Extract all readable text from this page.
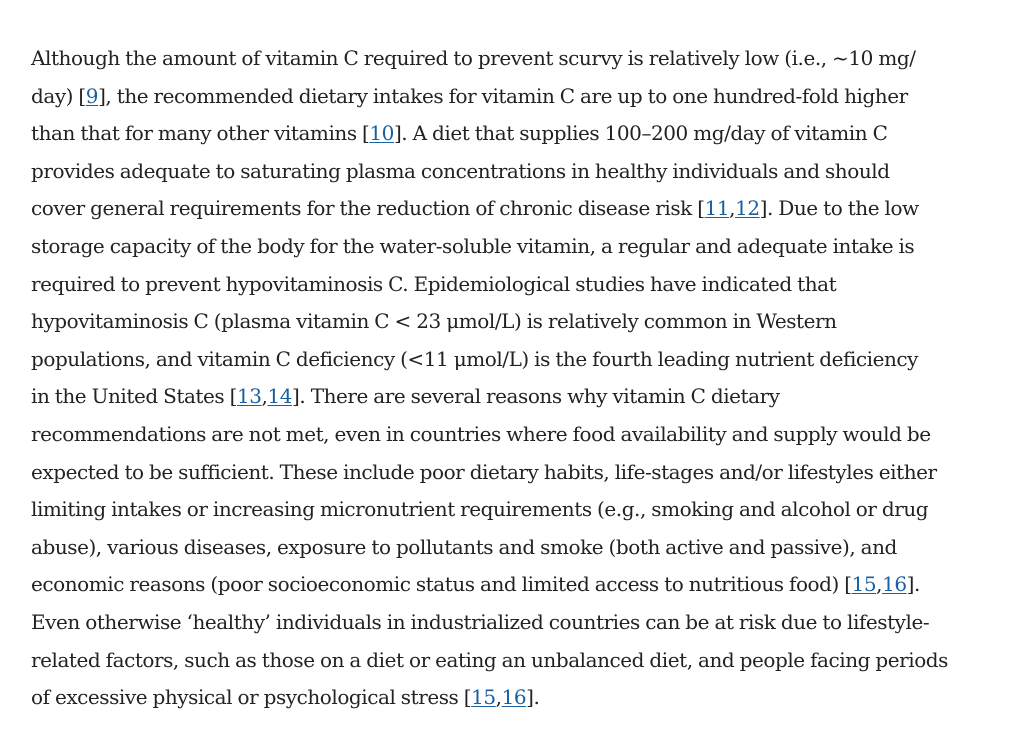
Although the amount of vitamin C required to prevent scurvy is relatively low (i.e., ~10 mg/
day) [9], the recommended dietary intakes for vitamin C are up to one hundred-fold higher
than that for many other vitamins [10]. A diet that supplies 100–200 mg/day of vitamin C
provides adequate to saturating plasma concentrations in healthy individuals and should
cover general requirements for the reduction of chronic disease risk [11,12]. Due to the low
storage capacity of the body for the water-soluble vitamin, a regular and adequate intake is
required to prevent hypovitaminosis C. Epidemiological studies have indicated that
hypovitaminosis C (plasma vitamin C < 23 μmol/L) is relatively common in Western
populations, and vitamin C deficiency (<11 μmol/L) is the fourth leading nutrient deficiency
in the United States [13,14]. There are several reasons why vitamin C dietary
recommendations are not met, even in countries where food availability and supply would be
expected to be sufficient. These include poor dietary habits, life-stages and/or lifestyles either
limiting intakes or increasing micronutrient requirements (e.g., smoking and alcohol or drug
abuse), various diseases, exposure to pollutants and smoke (both active and passive), and
economic reasons (poor socioeconomic status and limited access to nutritious food) [15,16].
Even otherwise ‘healthy’ individuals in industrialized countries can be at risk due to lifestyle-
related factors, such as those on a diet or eating an unbalanced diet, and people facing periods
of excessive physical or psychological stress [15,16].
